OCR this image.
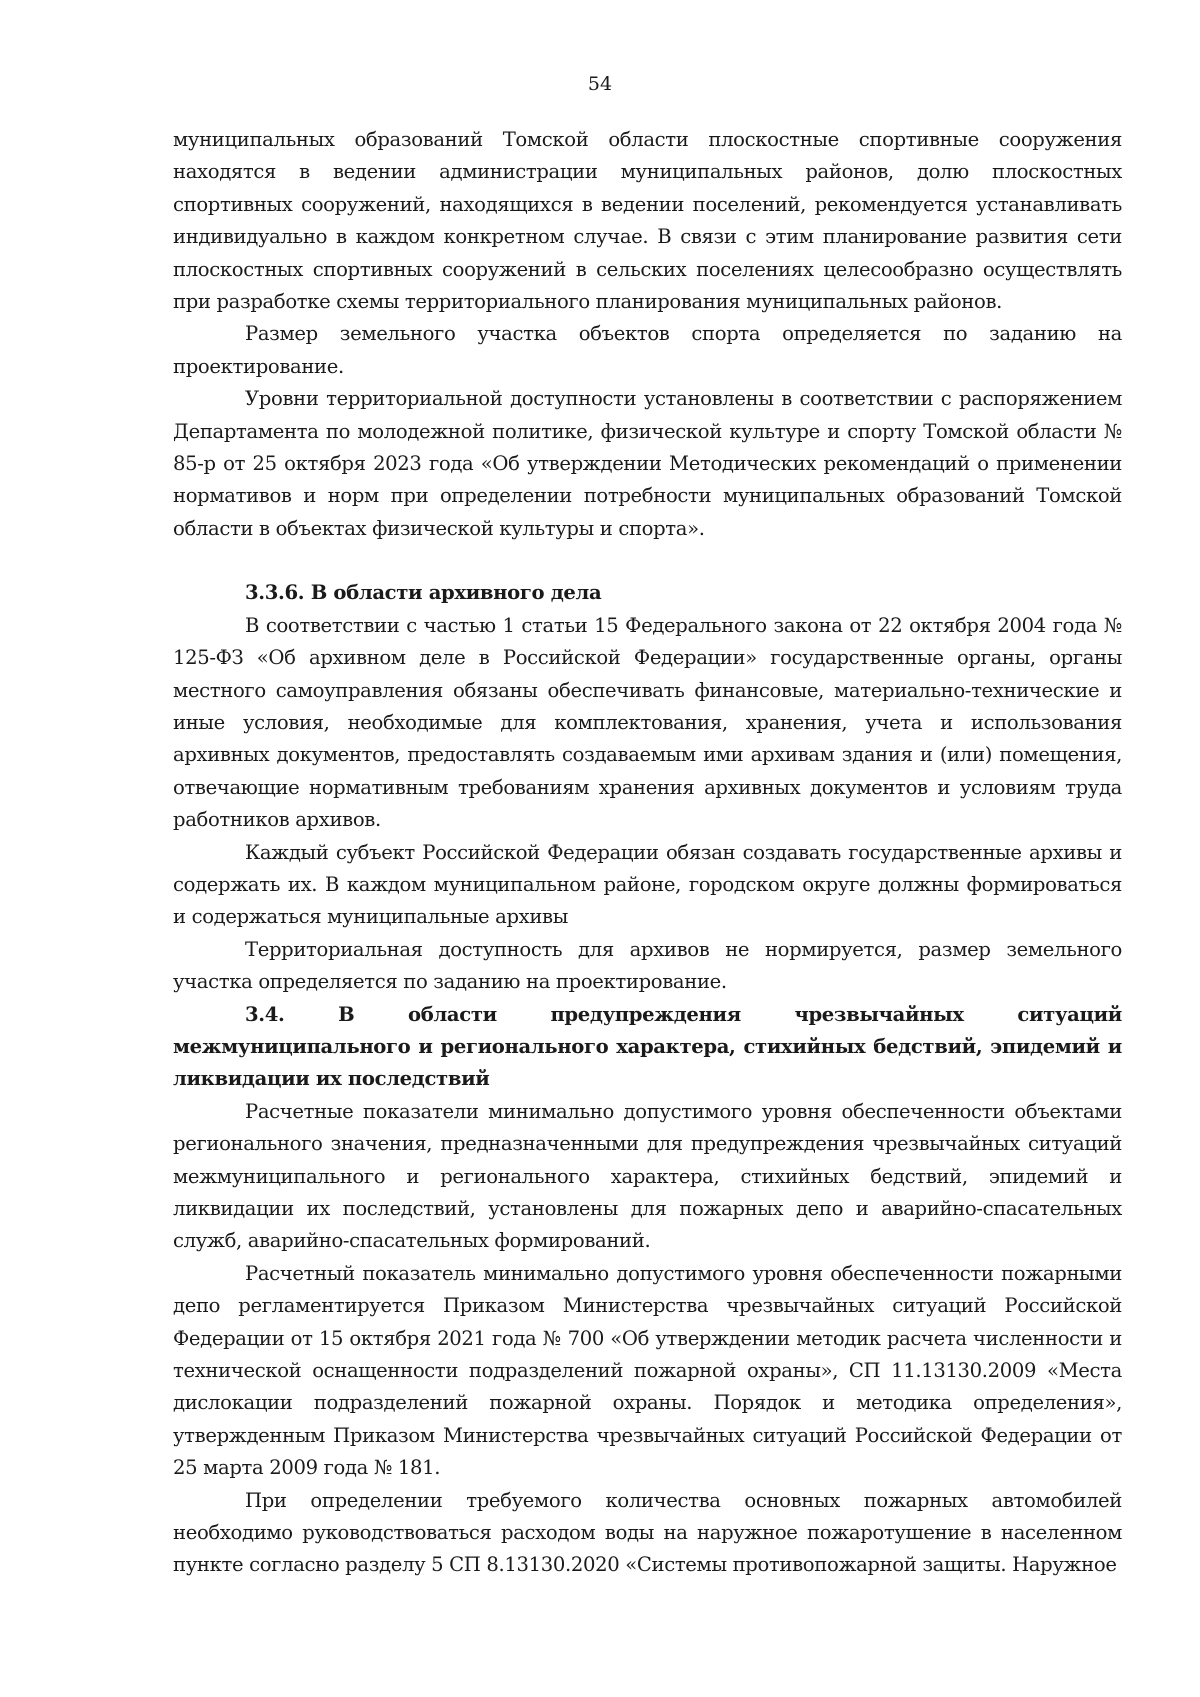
54

муниципальных образований Томской области плоскостные спортивные сооружения находятся в ведении администрации муниципальных районов, долю плоскостных спортивных сооружений, находящихся в ведении поселений, рекомендуется устанавливать индивидуально в каждом конкретном случае. В связи с этим планирование развития сети плоскостных спортивных сооружений в сельских поселениях целесообразно осуществлять при разработке схемы территориального планирования муниципальных районов.

Размер земельного участка объектов спорта определяется по заданию на проектирование.

Уровни территориальной доступности установлены в соответствии с распоряжением Департамента по молодежной политике, физической культуре и спорту Томской области № 85-р от 25 октября 2023 года «Об утверждении Методических рекомендаций о применении нормативов и норм при определении потребности муниципальных образований Томской области в объектах физической культуры и спорта».

3.3.6. В области архивного дела

В соответствии с частью 1 статьи 15 Федерального закона от 22 октября 2004 года № 125-ФЗ «Об архивном деле в Российской Федерации» государственные органы, органы местного самоуправления обязаны обеспечивать финансовые, материально-технические и иные условия, необходимые для комплектования, хранения, учета и использования архивных документов, предоставлять создаваемым ими архивам здания и (или) помещения, отвечающие нормативным требованиям хранения архивных документов и условиям труда работников архивов.

Каждый субъект Российской Федерации обязан создавать государственные архивы и содержать их. В каждом муниципальном районе, городском округе должны формироваться и содержаться муниципальные архивы

Территориальная доступность для архивов не нормируется, размер земельного участка определяется по заданию на проектирование.

3.4. В области предупреждения чрезвычайных ситуаций межмуниципального и регионального характера, стихийных бедствий, эпидемий и ликвидации их последствий

Расчетные показатели минимально допустимого уровня обеспеченности объектами регионального значения, предназначенными для предупреждения чрезвычайных ситуаций межмуниципального и регионального характера, стихийных бедствий, эпидемий и ликвидации их последствий, установлены для пожарных депо и аварийно-спасательных служб, аварийно-спасательных формирований.

Расчетный показатель минимально допустимого уровня обеспеченности пожарными депо регламентируется Приказом Министерства чрезвычайных ситуаций Российской Федерации от 15 октября 2021 года № 700 «Об утверждении методик расчета численности и технической оснащенности подразделений пожарной охраны», СП 11.13130.2009 «Места дислокации подразделений пожарной охраны. Порядок и методика определения», утвержденным Приказом Министерства чрезвычайных ситуаций Российской Федерации от 25 марта 2009 года № 181.

При определении требуемого количества основных пожарных автомобилей необходимо руководствоваться расходом воды на наружное пожаротушение в населенном пункте согласно разделу 5 СП 8.13130.2020 «Системы противопожарной защиты. Наружное
